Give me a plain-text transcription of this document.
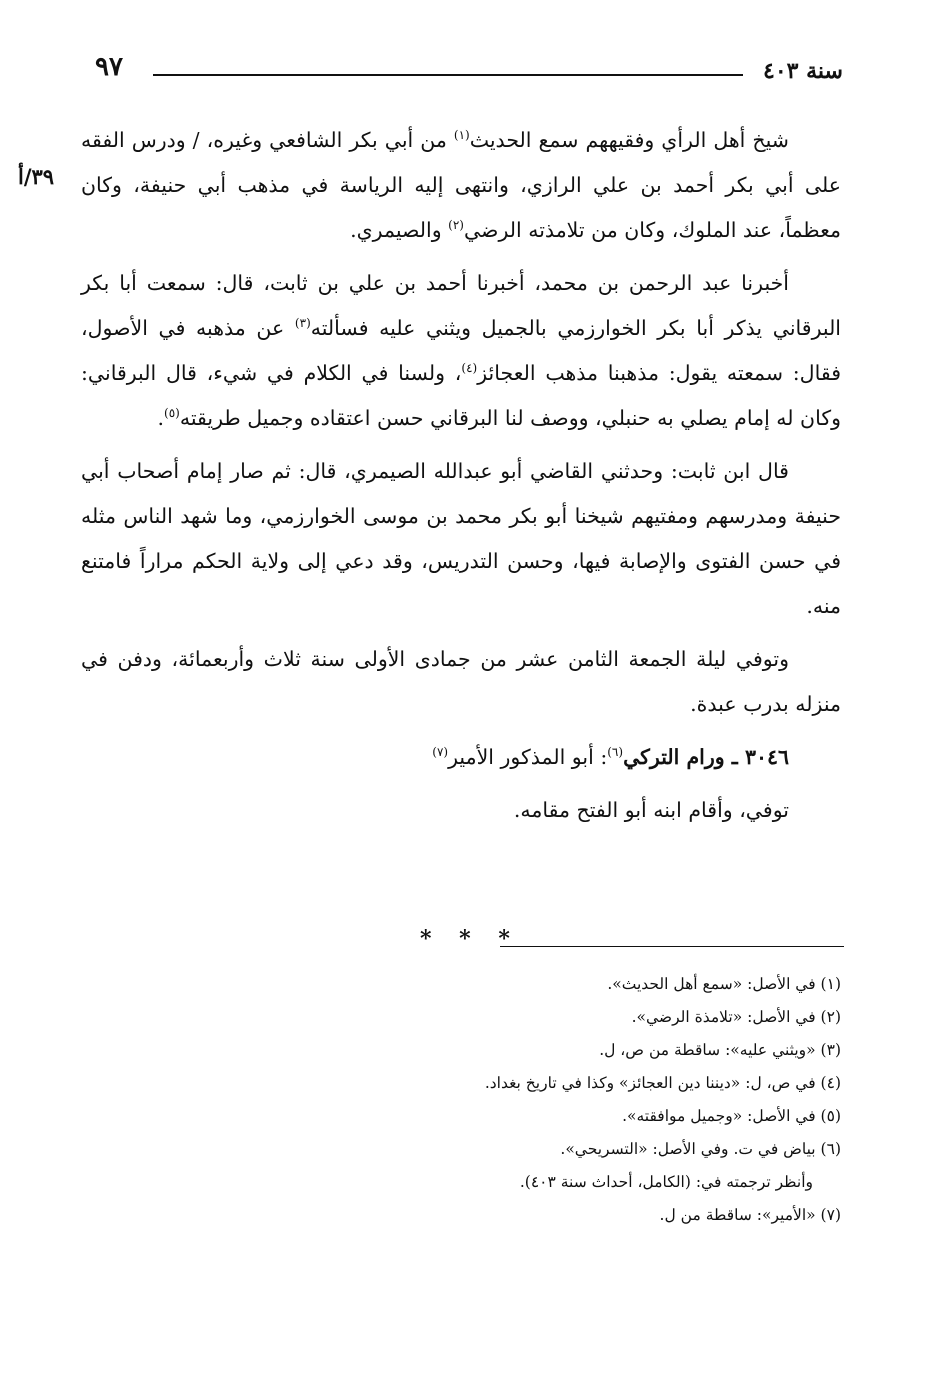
سنة ٤٠٣
٩٧
٣٩/أ

شيخ أهل الرأي وفقيههم سمع الحديث$^{(١)}$ من أبي بكر الشافعي وغيره، / ودرس الفقه على أبي بكر أحمد بن علي الرازي، وانتهى إليه الرياسة في مذهب أبي حنيفة، وكان معظماً، عند الملوك، وكان من تلامذته الرضي$^{(٢)}$ والصيمري.

أخبرنا عبد الرحمن بن محمد، أخبرنا أحمد بن علي بن ثابت، قال: سمعت أبا بكر البرقاني يذكر أبا بكر الخوارزمي بالجميل ويثني عليه فسألته$^{(٣)}$ عن مذهبه في الأصول، فقال: سمعته يقول: مذهبنا مذهب العجائز$^{(٤)}$، ولسنا في الكلام في شيء، قال البرقاني: وكان له إمام يصلي به حنبلي، ووصف لنا البرقاني حسن اعتقاده وجميل طريقته$^{(٥)}$.

قال ابن ثابت: وحدثني القاضي أبو عبدالله الصيمري، قال: ثم صار إمام أصحاب أبي حنيفة ومدرسهم ومفتيهم شيخنا أبو بكر محمد بن موسى الخوارزمي، وما شهد الناس مثله في حسن الفتوى والإصابة فيها، وحسن التدريس، وقد دعي إلى ولاية الحكم مراراً فامتنع منه.

وتوفي ليلة الجمعة الثامن عشر من جمادى الأولى سنة ثلاث وأربعمائة، ودفن في منزله بدرب عبدة.

٣٠٤٦ ـ ورام التركي$^{(٦)}$: أبو المذكور الأمير$^{(٧)}$

توفي، وأقام ابنه أبو الفتح مقامه.

* * *
(١) في الأصل: «سمع أهل الحديث».
(٢) في الأصل: «تلامذة الرضي».
(٣) «ويثني عليه»: ساقطة من ص، ل.
(٤) في ص، ل: «ديننا دين العجائز» وكذا في تاريخ بغداد.
(٥) في الأصل: «وجميل موافقته».
(٦) بياض في ت. وفي الأصل: «التسريحي».
وأنظر ترجمته في: (الكامل، أحداث سنة ٤٠٣).
(٧) «الأمير»: ساقطة من ل.
